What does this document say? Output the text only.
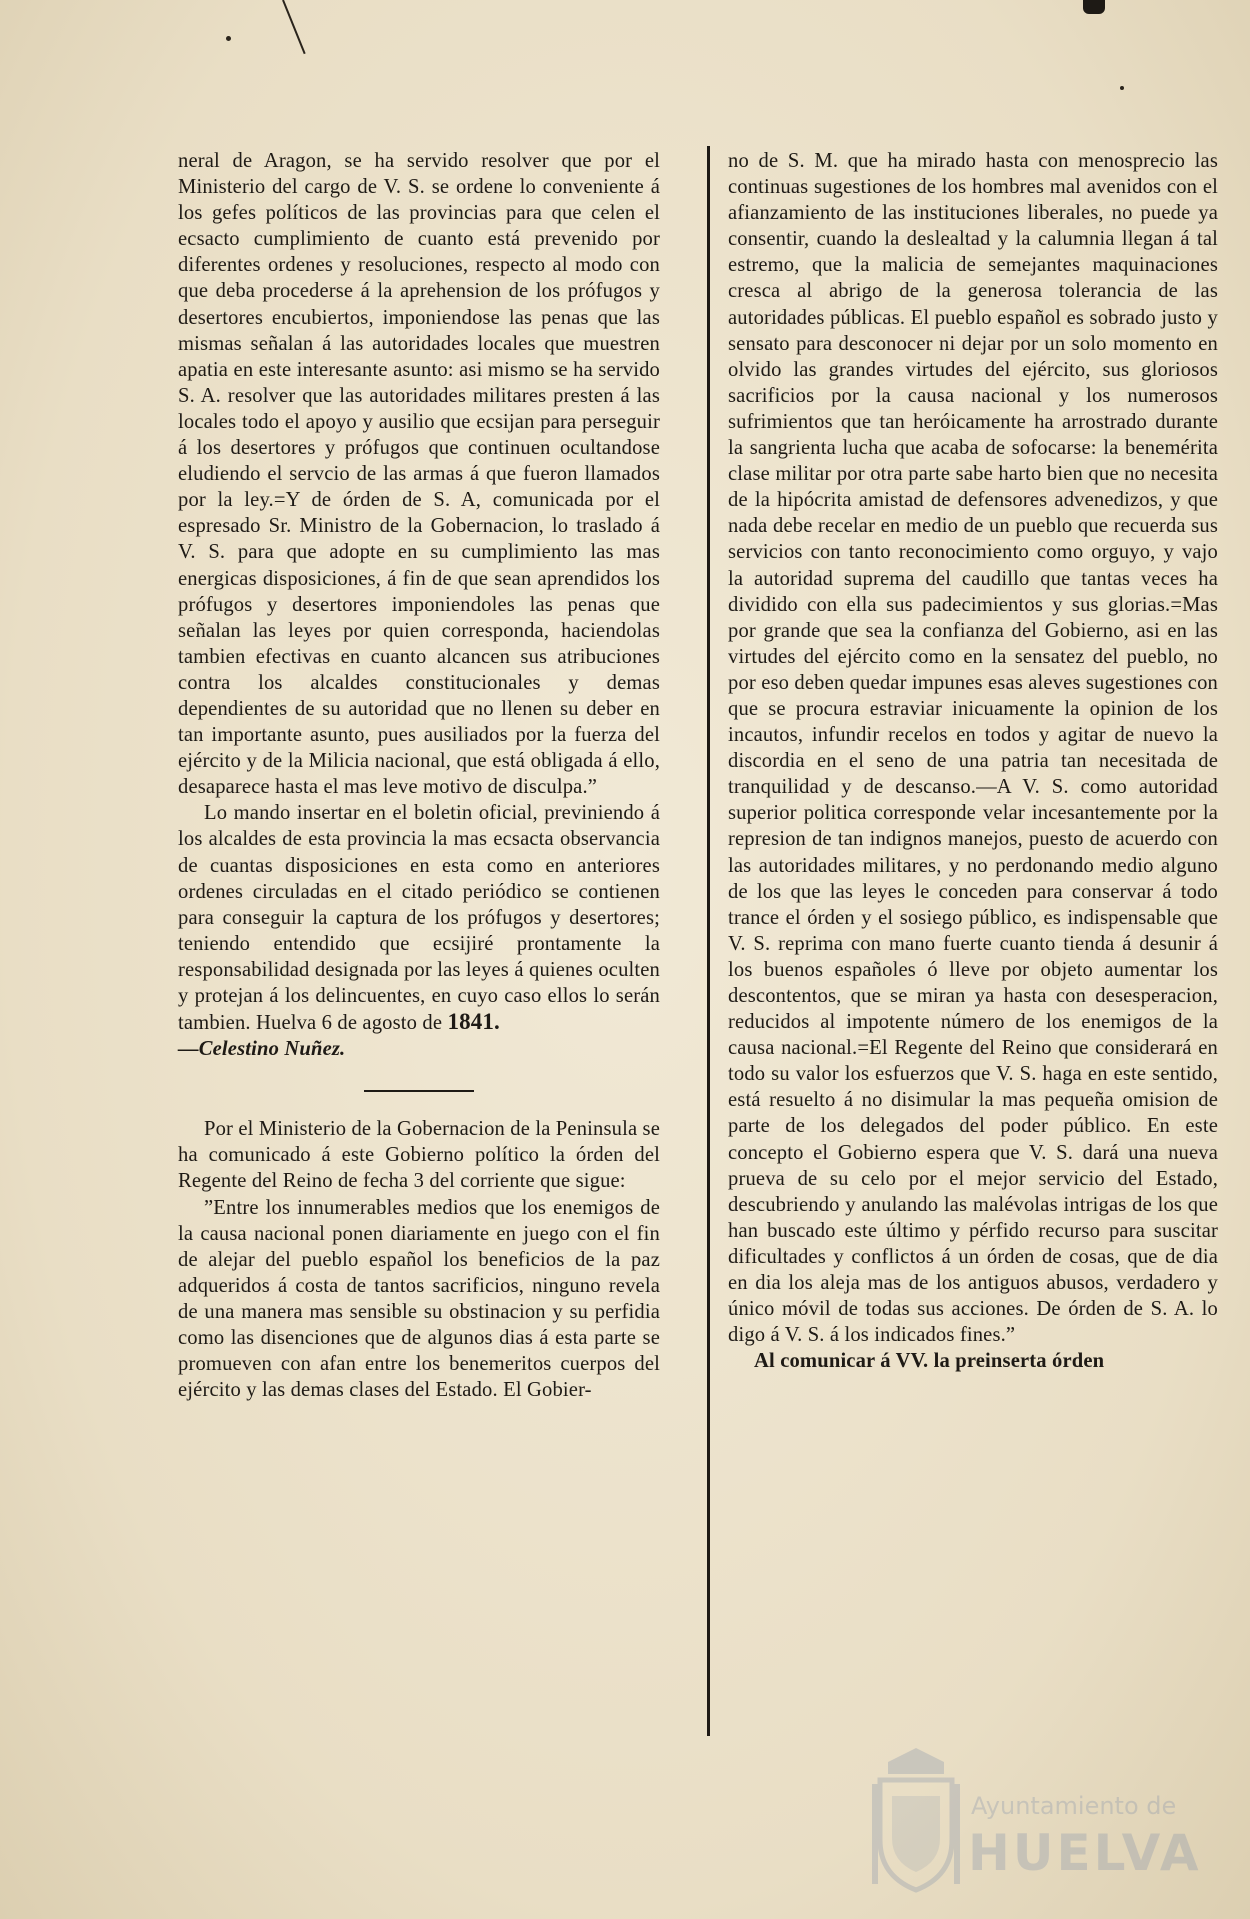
neral de Aragon, se ha servido resolver que por el Ministerio del cargo de V. S. se ordene lo conveniente á los gefes políticos de las provincias para que celen el ecsacto cumplimiento de cuanto está prevenido por diferentes ordenes y resoluciones, respecto al modo con que deba procederse á la aprehension de los prófugos y desertores encubiertos, imponiendose las penas que las mismas señalan á las autoridades locales que muestren apatia en este interesante asunto: asi mismo se ha servido S. A. resolver que las autoridades militares presten á las locales todo el apoyo y ausilio que ecsijan para perseguir á los desertores y prófugos que continuen ocultandose eludiendo el servcio de las armas á que fueron llamados por la ley.=Y de órden de S. A, comunicada por el espresado Sr. Ministro de la Gobernacion, lo traslado á V. S. para que adopte en su cumplimiento las mas energicas disposiciones, á fin de que sean aprendidos los prófugos y desertores imponiendoles las penas que señalan las leyes por quien corresponda, haciendolas tambien efectivas en cuanto alcancen sus atribuciones contra los alcaldes constitucionales y demas dependientes de su autoridad que no llenen su deber en tan importante asunto, pues ausiliados por la fuerza del ejército y de la Milicia nacional, que está obligada á ello, desaparece hasta el mas leve motivo de disculpa.”

Lo mando insertar en el boletin oficial, previniendo á los alcaldes de esta provincia la mas ecsacta observancia de cuantas disposiciones en esta como en anteriores ordenes circuladas en el citado periódico se contienen para conseguir la captura de los prófugos y desertores; teniendo entendido que ecsijiré prontamente la responsabilidad designada por las leyes á quienes oculten y protejan á los delincuentes, en cuyo caso ellos lo serán tambien. Huelva 6 de agosto de 1841.

—Celestino Nuñez.

Por el Ministerio de la Gobernacion de la Peninsula se ha comunicado á este Gobierno político la órden del Regente del Reino de fecha 3 del corriente que sigue:

”Entre los innumerables medios que los enemigos de la causa nacional ponen diariamente en juego con el fin de alejar del pueblo español los beneficios de la paz adqueridos á costa de tantos sacrificios, ninguno revela de una manera mas sensible su obstinacion y su perfidia como las disenciones que de algunos dias á esta parte se promueven con afan entre los benemeritos cuerpos del ejército y las demas clases del Estado. El Gobier-

no de S. M. que ha mirado hasta con menosprecio las continuas sugestiones de los hombres mal avenidos con el afianzamiento de las instituciones liberales, no puede ya consentir, cuando la deslealtad y la calumnia llegan á tal estremo, que la malicia de semejantes maquinaciones cresca al abrigo de la generosa tolerancia de las autoridades públicas. El pueblo español es sobrado justo y sensato para desconocer ni dejar por un solo momento en olvido las grandes virtudes del ejército, sus gloriosos sacrificios por la causa nacional y los numerosos sufrimientos que tan heróicamente ha arrostrado durante la sangrienta lucha que acaba de sofocarse: la benemérita clase militar por otra parte sabe harto bien que no necesita de la hipócrita amistad de defensores advenedizos, y que nada debe recelar en medio de un pueblo que recuerda sus servicios con tanto reconocimiento como orguyo, y vajo la autoridad suprema del caudillo que tantas veces ha dividido con ella sus padecimientos y sus glorias.=Mas por grande que sea la confianza del Gobierno, asi en las virtudes del ejército como en la sensatez del pueblo, no por eso deben quedar impunes esas aleves sugestiones con que se procura estraviar inicuamente la opinion de los incautos, infundir recelos en todos y agitar de nuevo la discordia en el seno de una patria tan necesitada de tranquilidad y de descanso.—A V. S. como autoridad superior politica corresponde velar incesantemente por la represion de tan indignos manejos, puesto de acuerdo con las autoridades militares, y no perdonando medio alguno de los que las leyes le conceden para conservar á todo trance el órden y el sosiego público, es indispensable que V. S. reprima con mano fuerte cuanto tienda á desunir á los buenos españoles ó lleve por objeto aumentar los descontentos, que se miran ya hasta con desesperacion, reducidos al impotente número de los enemigos de la causa nacional.=El Regente del Reino que considerará en todo su valor los esfuerzos que V. S. haga en este sentido, está resuelto á no disimular la mas pequeña omision de parte de los delegados del poder público. En este concepto el Gobierno espera que V. S. dará una nueva prueva de su celo por el mejor servicio del Estado, descubriendo y anulando las malévolas intrigas de los que han buscado este último y pérfido recurso para suscitar dificultades y conflictos á un órden de cosas, que de dia en dia los aleja mas de los antiguos abusos, verdadero y único móvil de todas sus acciones. De órden de S. A. lo digo á V. S. á los indicados fines.”

Al comunicar á VV. la preinserta órden

Ayuntamiento de
HUELVA
